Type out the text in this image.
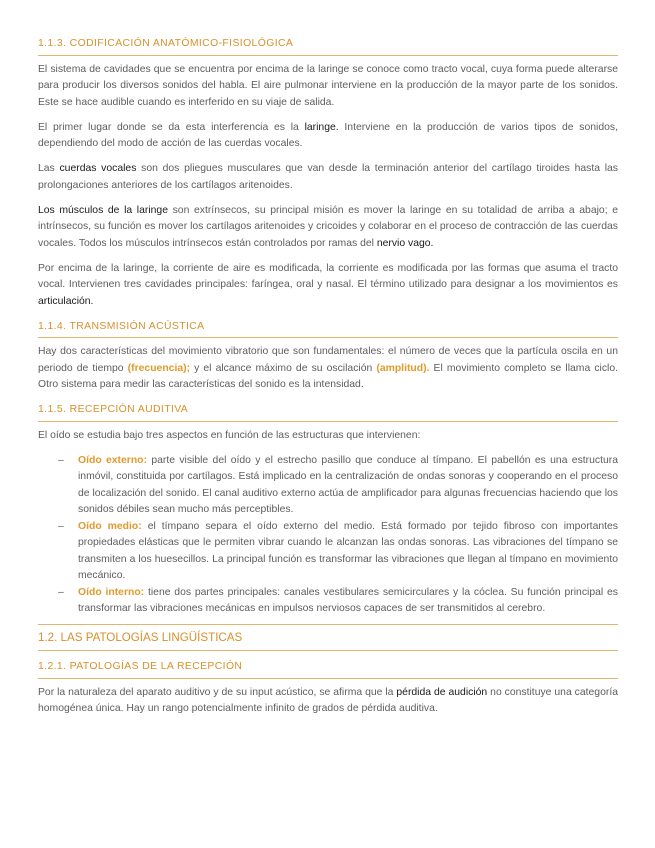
1.1.3. CODIFICACIÓN ANATÓMICO-FISIOLÓGICA

El sistema de cavidades que se encuentra por encima de la laringe se conoce como tracto vocal, cuya forma puede alterarse para producir los diversos sonidos del habla. El aire pulmonar interviene en la producción de la mayor parte de los sonidos. Este se hace audible cuando es interferido en su viaje de salida.

El primer lugar donde se da esta interferencia es la laringe. Interviene en la producción de varios tipos de sonidos, dependiendo del modo de acción de las cuerdas vocales.

Las cuerdas vocales son dos pliegues musculares que van desde la terminación anterior del cartílago tiroides hasta las prolongaciones anteriores de los cartílagos aritenoides.

Los músculos de la laringe son extrínsecos, su principal misión es mover la laringe en su totalidad de arriba a abajo; e intrínsecos, su función es mover los cartílagos aritenoides y cricoides y colaborar en el proceso de contracción de las cuerdas vocales. Todos los músculos intrínsecos están controlados por ramas del nervio vago.

Por encima de la laringe, la corriente de aire es modificada, la corriente es modificada por las formas que asuma el tracto vocal. Intervienen tres cavidades principales: faríngea, oral y nasal. El término utilizado para designar a los movimientos es articulación.

1.1.4. TRANSMISIÓN ACÚSTICA

Hay dos características del movimiento vibratorio que son fundamentales: el número de veces que la partícula oscila en un periodo de tiempo (frecuencia); y el alcance máximo de su oscilación (amplitud). El movimiento completo se llama ciclo. Otro sistema para medir las características del sonido es la intensidad.

1.1.5. RECEPCIÓN AUDITIVA

El oído se estudia bajo tres aspectos en función de las estructuras que intervienen:

– Oído externo: parte visible del oído y el estrecho pasillo que conduce al tímpano. El pabellón es una estructura inmóvil, constituida por cartílagos. Está implicado en la centralización de ondas sonoras y cooperando en el proceso de localización del sonido. El canal auditivo externo actúa de amplificador para algunas frecuencias haciendo que los sonidos débiles sean mucho más perceptibles.
– Oído medio: el tímpano separa el oído externo del medio. Está formado por tejido fibroso con importantes propiedades elásticas que le permiten vibrar cuando le alcanzan las ondas sonoras. Las vibraciones del tímpano se transmiten a los huesecillos. La principal función es transformar las vibraciones que llegan al tímpano en movimiento mecánico.
– Oído interno: tiene dos partes principales: canales vestibulares semicirculares y la cóclea. Su función principal es transformar las vibraciones mecánicas en impulsos nerviosos capaces de ser transmitidos al cerebro.
1.2. LAS PATOLOGÍAS LINGÜÍSTICAS
1.2.1. PATOLOGÍAS DE LA RECEPCIÓN

Por la naturaleza del aparato auditivo y de su input acústico, se afirma que la pérdida de audición no constituye una categoría homogénea única. Hay un rango potencialmente infinito de grados de pérdida auditiva.
